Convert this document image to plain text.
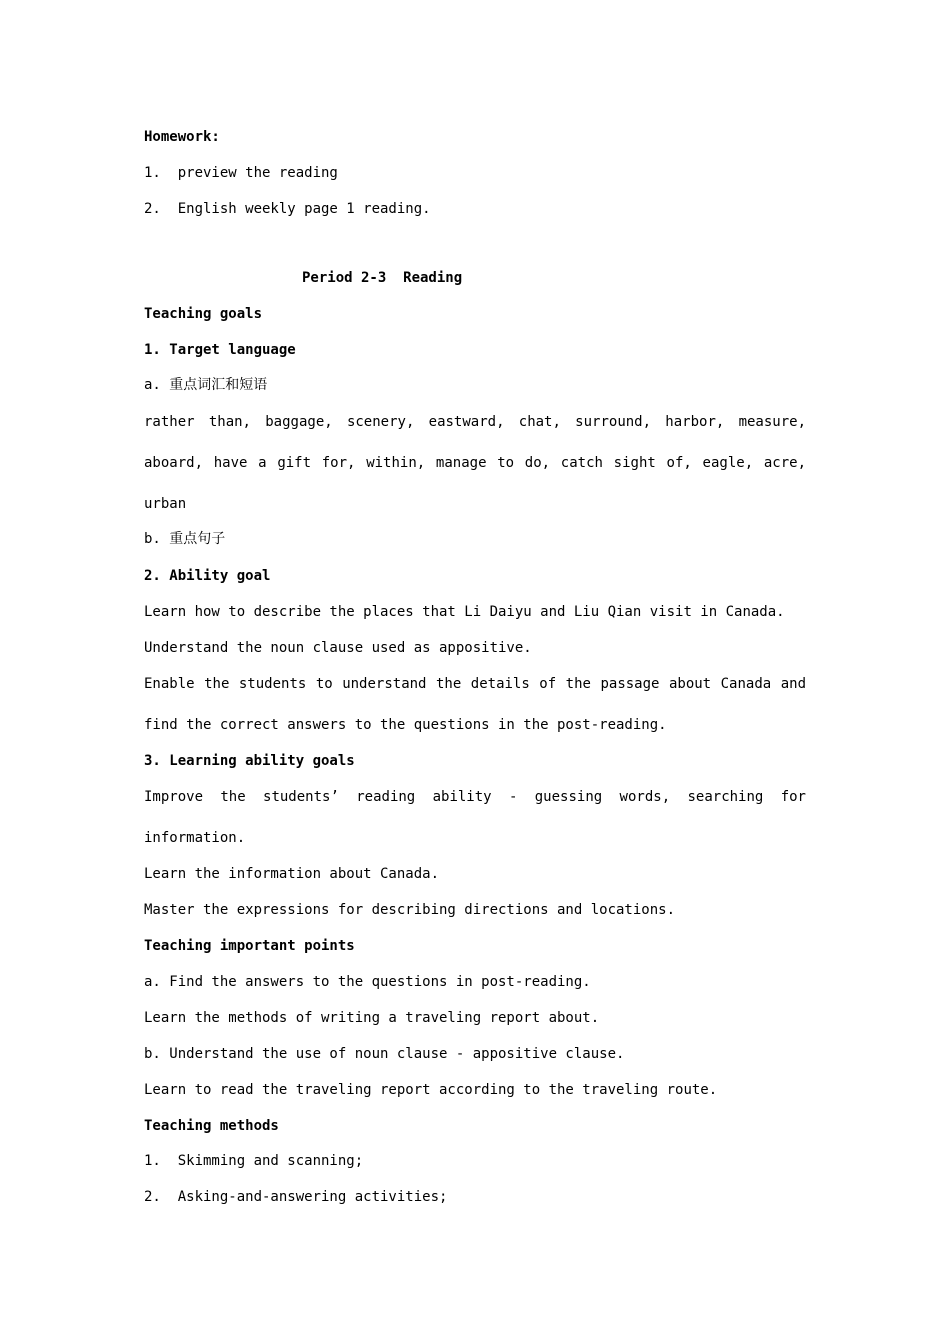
Homework:
1.  preview the reading
2.  English weekly page 1 reading.
Period 2-3  Reading
Teaching goals
1. Target language
a. 重点词汇和短语
rather than, baggage, scenery, eastward, chat, surround, harbor, measure,
aboard, have a gift for, within, manage to do, catch sight of, eagle, acre,
urban
b. 重点句子
2. Ability goal
Learn how to describe the places that Li Daiyu and Liu Qian visit in Canada.
Understand the noun clause used as appositive.
Enable the students to understand the details of the passage about Canada and
find the correct answers to the questions in the post-reading.
3. Learning ability goals
Improve the students’ reading ability - guessing words, searching for
information.
Learn the information about Canada.
Master the expressions for describing directions and locations.
Teaching important points
a. Find the answers to the questions in post-reading.
Learn the methods of writing a traveling report about.
b. Understand the use of noun clause - appositive clause.
Learn to read the traveling report according to the traveling route.
Teaching methods
1.  Skimming and scanning;
2.  Asking-and-answering activities;
